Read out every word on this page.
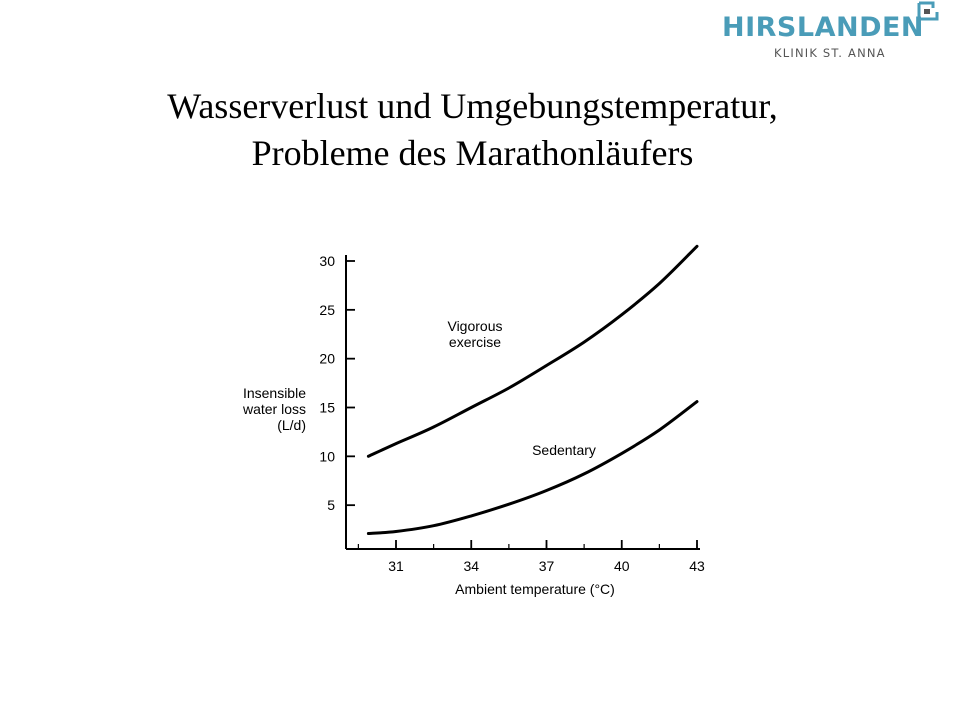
HIRSLANDEN
KLINIK ST. ANNA
Wasserverlust und Umgebungstemperatur,
Probleme des Marathonläufers
5
10
15
20
25
30
31	34	37	40	43
Vigorous exercise
Sedentary
Insensible water loss (L/d)
Ambient temperature (°C)
